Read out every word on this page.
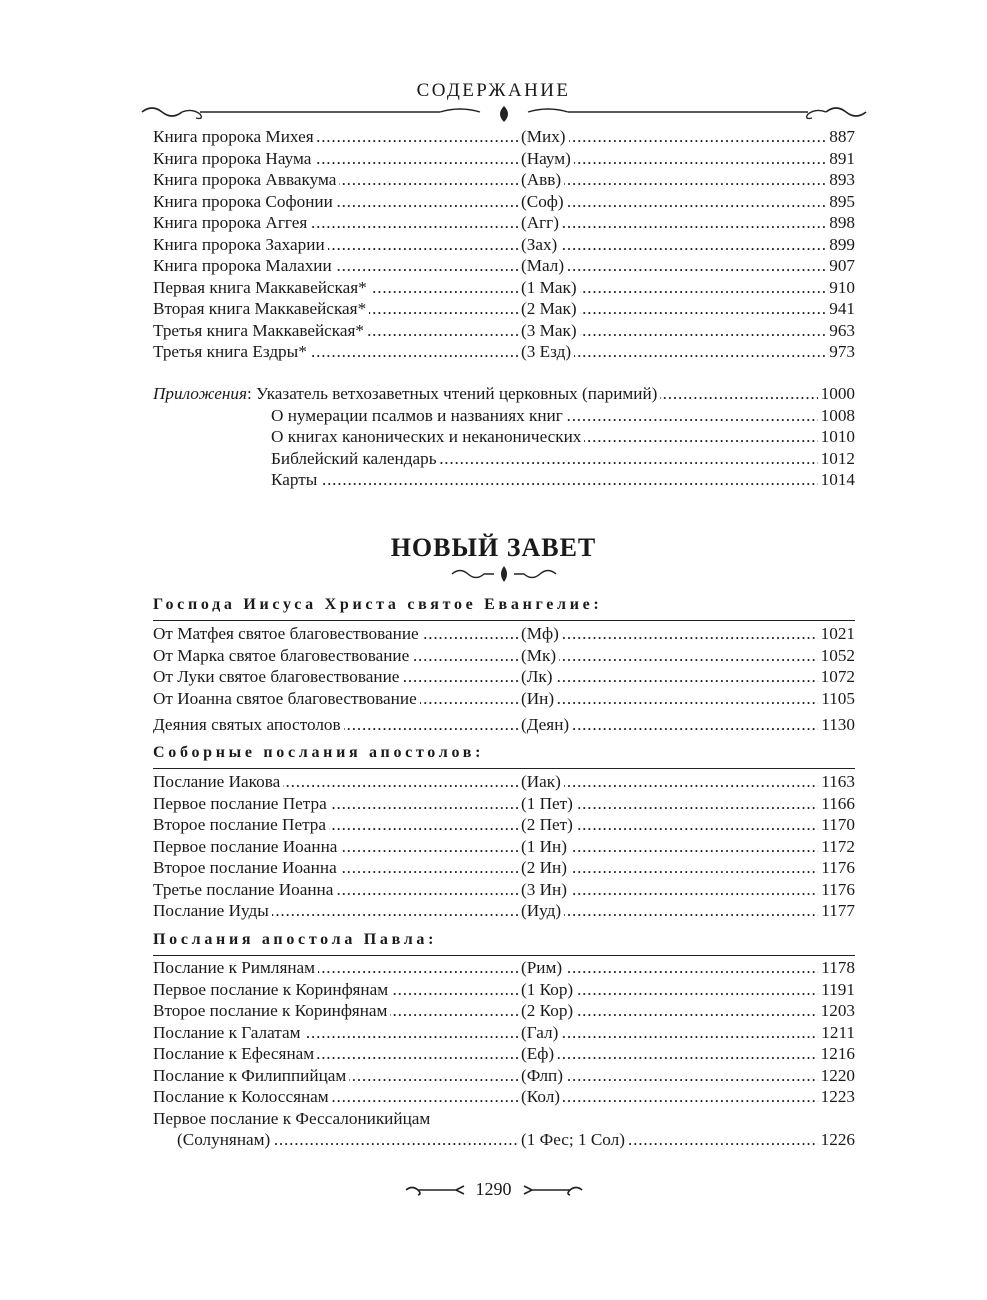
СОДЕРЖАНИЕ
.....
.....
Книга пророка Михея	(Мих)	887
.....
.....
Книга пророка Наума	(Наум)	891
.....
.....
Книга пророка Аввакума	(Авв)	893
.....
.....
Книга пророка Софонии	(Соф)	895
.....
.....
Книга пророка Аггея	(Агг)	898
.....
.....
Книга пророка Захарии	(Зах)	899
.....
.....
Книга пророка Малахии	(Мал)	907
.....
.....
Первая книга Маккавейская*	(1 Мак)	910
.....
.....
Вторая книга Маккавейская*	(2 Мак)	941
.....
.....
Третья книга Маккавейская*	(3 Мак)	963
.....
.....
Третья книга Ездры*	(3 Езд)	973
.....
Приложения: Указатель ветхозаветных чтений церковных (паримий)	1000
.....
О нумерации псалмов и названиях книг	1008
.....
О книгах канонических и неканонических	1010
.....
Библейский календарь	1012
.....
Карты	1014
НОВЫЙ ЗАВЕТ
Господа Иисуса Христа святое Евангелие:
.....
.....
От Матфея святое благовествование	(Мф)	1021
.....
.....
От Марка святое благовествование	(Мк)	1052
.....
.....
От Луки святое благовествование	(Лк)	1072
.....
.....
От Иоанна святое благовествование	(Ин)	1105
.....
.....
Деяния святых апостолов	(Деян)	1130
Соборные послания апостолов:
.....
.....
Послание Иакова	(Иак)	1163
.....
.....
Первое послание Петра	(1 Пет)	1166
.....
.....
Второе послание Петра	(2 Пет)	1170
.....
.....
Первое послание Иоанна	(1 Ин)	1172
.....
.....
Второе послание Иоанна	(2 Ин)	1176
.....
.....
Третье послание Иоанна	(3 Ин)	1176
.....
.....
Послание Иуды	(Иуд)	1177
Послания апостола Павла:
.....
.....
Послание к Римлянам	(Рим)	1178
.....
.....
Первое послание к Коринфянам	(1 Кор)	1191
.....
.....
Второе послание к Коринфянам	(2 Кор)	1203
.....
.....
Послание к Галатам	(Гал)	1211
.....
.....
Послание к Ефесянам	(Еф)	1216
.....
.....
Послание к Филиппийцам	(Флп)	1220
.....
.....
Послание к Колоссянам	(Кол)	1223
Первое послание к Фессалоникийцам
.....
.....
(Солунянам)	(1 Фес; 1 Сол)	1226
1290
